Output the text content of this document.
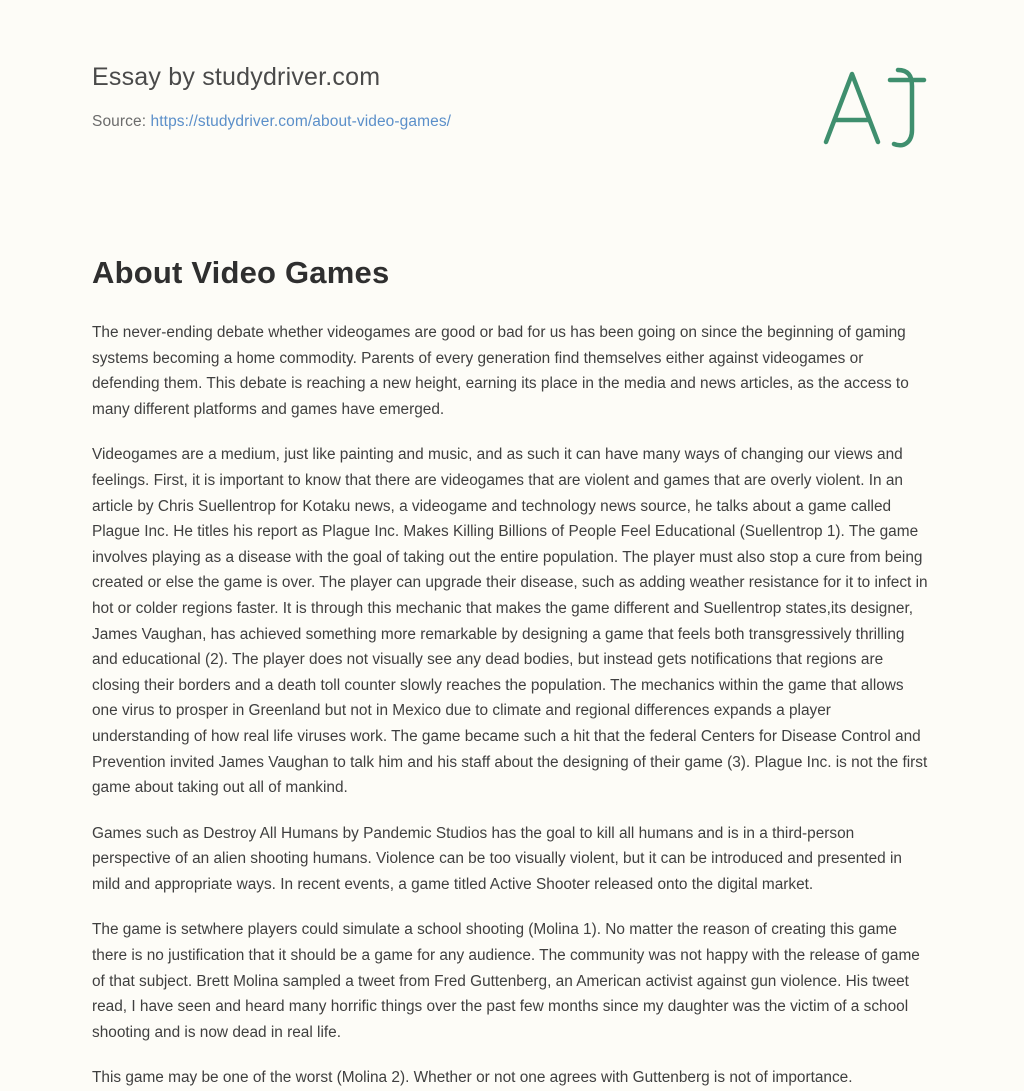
Essay by studydriver.com
Source: https://studydriver.com/about-video-games/
About Video Games

The never-ending debate whether videogames are good or bad for us has been going on since the beginning of gaming systems becoming a home commodity. Parents of every generation find themselves either against videogames or defending them. This debate is reaching a new height, earning its place in the media and news articles, as the access to many different platforms and games have emerged.

Videogames are a medium, just like painting and music, and as such it can have many ways of changing our views and feelings. First, it is important to know that there are videogames that are violent and games that are overly violent. In an article by Chris Suellentrop for Kotaku news, a videogame and technology news source, he talks about a game called Plague Inc. He titles his report as Plague Inc. Makes Killing Billions of People Feel Educational (Suellentrop 1). The game involves playing as a disease with the goal of taking out the entire population. The player must also stop a cure from being created or else the game is over. The player can upgrade their disease, such as adding weather resistance for it to infect in hot or colder regions faster. It is through this mechanic that makes the game different and Suellentrop states,its designer, James Vaughan, has achieved something more remarkable by designing a game that feels both transgressively thrilling and educational (2). The player does not visually see any dead bodies, but instead gets notifications that regions are closing their borders and a death toll counter slowly reaches the population. The mechanics within the game that allows one virus to prosper in Greenland but not in Mexico due to climate and regional differences expands a player understanding of how real life viruses work. The game became such a hit that the federal Centers for Disease Control and Prevention invited James Vaughan to talk him and his staff about the designing of their game (3). Plague Inc. is not the first game about taking out all of mankind.

Games such as Destroy All Humans by Pandemic Studios has the goal to kill all humans and is in a third-person perspective of an alien shooting humans. Violence can be too visually violent, but it can be introduced and presented in mild and appropriate ways. In recent events, a game titled Active Shooter released onto the digital market.

The game is setwhere players could simulate a school shooting (Molina 1). No matter the reason of creating this game there is no justification that it should be a game for any audience. The community was not happy with the release of game of that subject. Brett Molina sampled a tweet from Fred Guttenberg, an American activist against gun violence. His tweet read, I have seen and heard many horrific things over the past few months since my daughter was the victim of a school shooting and is now dead in real life.

This game may be one of the worst (Molina 2). Whether or not one agrees with Guttenberg is not of importance.
